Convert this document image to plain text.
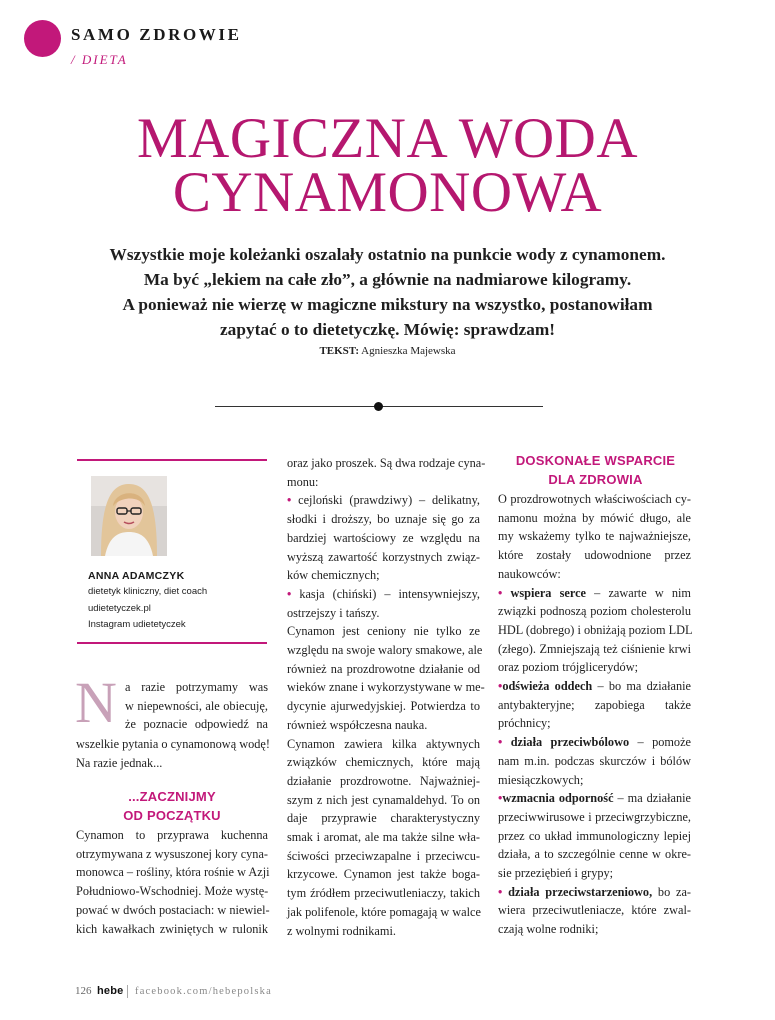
SAMO ZDROWIE
/ DIETA
MAGICZNA WODA
CYNAMONOWA
Wszystkie moje koleżanki oszalały ostatnio na punkcie wody z cynamonem.
Ma być „lekiem na całe zło”, a głównie na nadmiarowe kilogramy.
A ponieważ nie wierzę w magiczne mikstury na wszystko, postanowiłam
zapytać o to dietetyczkę. Mówię: sprawdzam!
TEKST: Agnieszka Majewska
ANNA ADAMCZYK
dietetyk kliniczny, diet coach
udietetyczek.pl
Instagram udietetyczek
N a razie potrzymamy was
w niepewności, ale obiecuję,
że poznacie odpowiedź na
wszelkie pytania o cynamonową wodę!
Na razie jednak...
...ZACZNIJMY
OD POCZĄTKU
Cynamon to przyprawa kuchenna
otrzymywana z wysuszonej kory cyna-
monowca – rośliny, która rośnie w Azji
Południowo-Wschodniej. Może wystę-
pować w dwóch postaciach: w niewiel-
kich kawałkach zwiniętych w rulonik
oraz jako proszek. Są dwa rodzaje cyna-
monu:
• cejloński (prawdziwy) – delikatny,
słodki i droższy, bo uznaje się go za
bardziej wartościowy ze względu na
wyższą zawartość korzystnych związ-
ków chemicznych;
• kasja (chiński) – intensywniejszy,
ostrzejszy i tańszy.
Cynamon jest ceniony nie tylko ze
względu na swoje walory smakowe, ale
również na prozdrowotne działanie od
wieków znane i wykorzystywane w me-
dycynie ajurwedyjskiej. Potwierdza to
również współczesna nauka.
Cynamon zawiera kilka aktywnych
związków chemicznych, które mają
działanie prozdrowotne. Najważniej-
szym z nich jest cynamaldehyd. To on
daje przyprawie charakterystyczny
smak i aromat, ale ma także silne wła-
ściwości przeciwzapalne i przeciwcu-
krzycowe. Cynamon jest także boga-
tym źródłem przeciwutleniaczy, takich
jak polifenole, które pomagają w walce
z wolnymi rodnikami.
DOSKONAŁE WSPARCIE
DLA ZDROWIA
O prozdrowotnych właściwościach cy-
namonu można by mówić długo, ale
my wskażemy tylko te najważniejsze,
które zostały udowodnione przez
naukowców:
• wspiera serce – zawarte w nim
związki podnoszą poziom cholesterolu
HDL (dobrego) i obniżają poziom LDL
(złego). Zmniejszają też ciśnienie krwi
oraz poziom trójglicerydów;
•odświeża oddech – bo ma działanie
antybakteryjne; zapobiega także
próchnicy;
• działa przeciwbólowo – pomoże
nam m.in. podczas skurczów i bólów
miesiączkowych;
•wzmacnia odporność – ma działanie
przeciwwirusowe i przeciwgrzybiczne,
przez co układ immunologiczny lepiej
działa, a to szczególnie cenne w okre-
sie przeziębień i grypy;
• działa przeciwstarzeniowo, bo za-
wiera przeciwutleniacze, które zwal-
czają wolne rodniki;
126 hebe facebook.com/hebepolska
